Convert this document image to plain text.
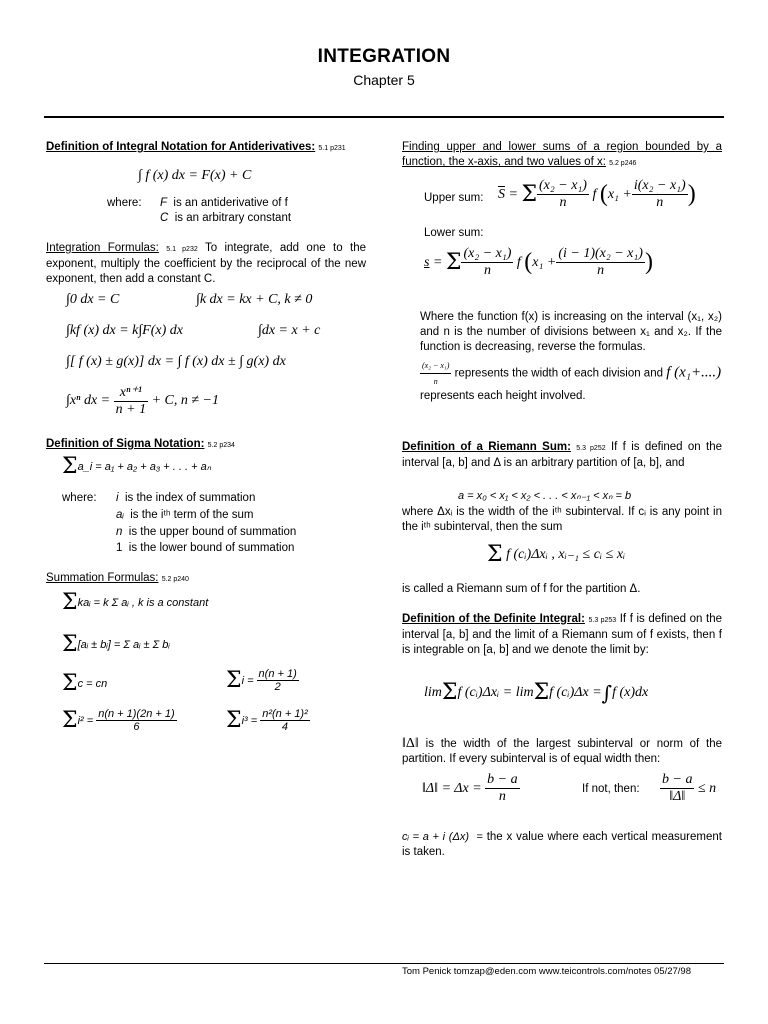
INTEGRATION
Chapter 5
Definition of Integral Notation for Antiderivatives: 5.1 p231
∫ f (x) dx = F(x) + C
where: F is an antiderivative of f
C is an arbitrary constant
Integration Formulas: 5.1 p232 To integrate, add one to the exponent, multiply the coefficient by the reciprocal of the new exponent, then add a constant C.
∫0 dx = C	∫k dx = kx + C, k ≠ 0
∫kf (x) dx = k∫F(x) dx	∫dx = x + c
∫[ f (x) ± g(x)] dx = ∫ f (x) dx ± ∫ g(x) dx
∫xⁿ dx =
$\frac{\text{xⁿ⁺¹}}{n + 1}$
+ C, n ≠ −1
Definition of Sigma Notation: 5.2 p234
Σ a_i = a₁ + a₂ + a₃ + . . . + aₙ
where: i is the index of summation
aᵢ is the iᵗʰ term of the sum
n is the upper bound of summation
1 is the lower bound of summation
Summation Formulas: 5.2 p240
Σ kaᵢ = k Σ aᵢ , k is a constant
Σ [aᵢ ± bᵢ] = Σ aᵢ ± Σ bᵢ
Σ c = cn	Σ $i = \frac{n(n + 1)}{2}$
Σ $i^2 = \frac{n(n + 1)(2n + 1)}{6}$ Σ $i^3 = \frac{\text{n²(n + 1)²}}{4}$
Finding upper and lower sums of a region bounded by a function, the x-axis, and two values of x: 5.2 p246
Upper sum: $\overline{S} = \Sigma \frac{\text{(x₂ − x₁)}}{n}$ f ( $x_1 + \frac{\text{i(x₂ − x₁)}}{n}$ )
Lower sum:
s = Σ $\frac{\text{(x₂ − x₁)}}{n}$ f ( $x_1 + \frac{\text{(i − 1)(x₂ − x₁)}}{n}$ )
Where the function f(x) is increasing on the interval (x₁, x₂) and n is the number of divisions between x₁ and x₂. If the function is decreasing, reverse the formulas.
$\frac{\text{(x₂ − x₁)}}{n}$ represents the width of each division and f (x₁+....) represents each height involved.
Definition of a Riemann Sum: 5.3 p252 If f is defined on the interval [a, b] and Δ is an arbitrary partition of [a, b], and
a = x₀ < x₁ < x₂ < . . . < xₙ₋₁ < xₙ = b
where Δxᵢ is the width of the iᵗʰ subinterval. If cᵢ is any point in the iᵗʰ subinterval, then the sum
Σ
f (cᵢ)Δxᵢ , xᵢ₋₁ ≤ cᵢ ≤ xᵢ
is called a Riemann sum of f for the partition Δ.
Definition of the Definite Integral: 5.3 p253 If f is defined on the interval [a, b] and the limit of a Riemann sum of f exists, then f is integrable on [a, b] and we denote the limit by:
lim Σ f (cᵢ)Δxᵢ = lim Σ f (cᵢ)Δx = ∫ f (x)dx
‖Δ‖ is the width of the largest subinterval or norm of the partition. If every subinterval is of equal width then:
‖Δ‖ = $\Delta x = \frac{b - a}{n}$	If not, then: $\frac{b - a}{‖\Delta‖} \le n$
cᵢ = a + i (Δx)  = the x value where each vertical measurement is taken.
Tom Penick tomzap@eden.com www.teicontrols.com/notes 05/27/98
